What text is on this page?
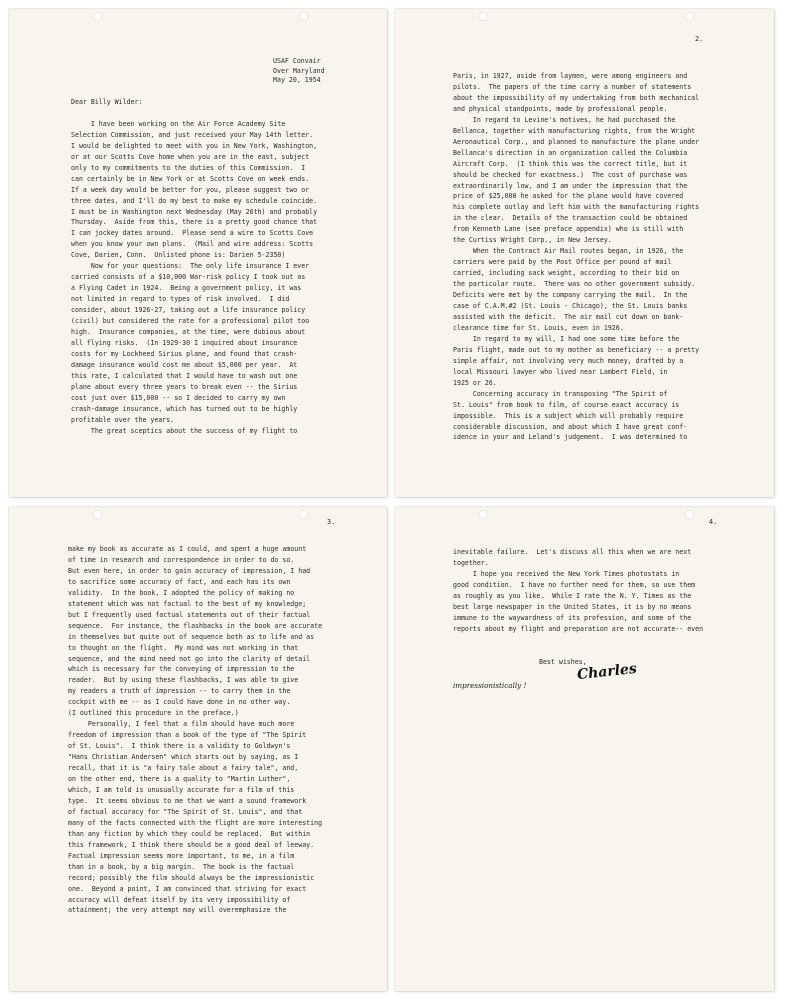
USAF Convair
Over Maryland
May 20, 1954
Dear Billy Wilder:

I have been working on the Air Force Academy Site
Selection Commission, and just received your May 14th letter.
I would be delighted to meet with you in New York, Washington,
or at our Scotts Cove home when you are in the east, subject
only to my commitments to the duties of this Commission.  I
can certainly be in New York or at Scotts Cove on week ends.
If a week day would be better for you, please suggest two or
three dates, and I'll do my best to make my schedule coincide.
I must be in Washington next Wednesday (May 26th) and probably
Thursday.  Aside from this, there is a pretty good chance that
I can jockey dates around.  Please send a wire to Scotts Cove
when you know your own plans.  (Mail and wire address: Scotts
Cove, Darien, Conn.  Unlisted phone is: Darien 5-2350)
Now for your questions:  The only life insurance I ever
carried consists of a $10,000 War-risk policy I took out as
a Flying Cadet in 1924.  Being a government policy, it was
not limited in regard to types of risk involved.  I did
consider, about 1926-27, taking out a life insurance policy
(civil) but considered the rate for a professional pilot too
high.  Insurance companies, at the time, were dubious about
all flying risks.  (In 1929-30 I inquired about insurance
costs for my Lockheed Sirius plane, and found that crash-
damage insurance would cost me about $5,000 per year.  At
this rate, I calculated that I would have to wash out one
plane about every three years to break even -- the Sirius
cost just over $15,000 -- so I decided to carry my own
crash-damage insurance, which has turned out to be highly
profitable over the years.
The great sceptics about the success of my flight to
2.
Paris, in 1927, aside from laymen, were among engineers and
pilots.  The papers of the time carry a number of statements
about the impossibility of my undertaking from both mechanical
and physical standpoints, made by professional people.
In regard to Levine's motives, he had purchased the
Bellanca, together with manufacturing rights, from the Wright
Aeronautical Corp., and planned to manufacture the plane under
Bellanca's direction in an organization called the Columbia
Aircraft Corp.  (I think this was the correct title, but it
should be checked for exactness.)  The cost of purchase was
extraordinarily low, and I am under the impression that the
price of $25,000 he asked for the plane would have covered
his complete outlay and left him with the manufacturing rights
in the clear.  Details of the transaction could be obtained
from Kenneth Lane (see preface appendix) who is still with
the Curtiss Wright Corp., in New Jersey.
When the Contract Air Mail routes began, in 1926, the
carriers were paid by the Post Office per pound of mail
carried, including sack weight, according to their bid on
the particular route.  There was no other government subsidy.
Deficits were met by the company carrying the mail.  In the
case of C.A.M.#2 (St. Louis - Chicago), the St. Louis banks
assisted with the deficit.  The air mail cut down on bank-
clearance time for St. Louis, even in 1926.
In regard to my will, I had one some time before the
Paris flight, made out to my mother as beneficiary -- a pretty
simple affair, not involving very much money, drafted by a
local Missouri lawyer who lived near Lambert Field, in
1925 or 26.
Concerning accuracy in transposing "The Spirit of
St. Louis" from book to film, of course exact accuracy is
impossible.  This is a subject which will probably require
considerable discussion, and about which I have great conf-
idence in your and Leland's judgement.  I was determined to
3.
make my book as accurate as I could, and spent a huge amount
of time in research and correspondence in order to do so.
But even here, in order to gain accuracy of impression, I had
to sacrifice some accuracy of fact, and each has its own
validity.  In the book, I adopted the policy of making no
statement which was not factual to the best of my knowledge;
but I frequently used factual statements out of their factual
sequence.  For instance, the flashbacks in the book are accurate
in themselves but quite out of sequence both as to life and as
to thought on the flight.  My mind was not working in that
sequence, and the mind need not go into the clarity of detail
which is necessary for the conveying of impression to the
reader.  But by using these flashbacks, I was able to give
my readers a truth of impression -- to carry them in the
cockpit with me -- as I could have done in no other way.
(I outlined this procedure in the preface.)
Personally, I feel that a film should have much more
freedom of impression than a book of the type of "The Spirit
of St. Louis".  I think there is a validity to Goldwyn's
"Hans Christian Andersen" which starts out by saying, as I
recall, that it is "a fairy tale about a fairy tale", and,
on the other end, there is a quality to "Martin Luther",
which, I am told is unusually accurate for a film of this
type.  It seems obvious to me that we want a sound framework
of factual accuracy for "The Spirit of St. Louis", and that
many of the facts connected with the flight are more interesting
than any fiction by which they could be replaced.  But within
this framework, I think there should be a good deal of leeway.
Factual impression seems more important, to me, in a film
than in a book, by a big margin.  The book is the factual
record; possibly the film should always be the impressionistic
one.  Beyond a point, I am convinced that striving for exact
accuracy will defeat itself by its very impossibility of
attainment; the very attempt may will overemphasize the
4.
inevitable failure.  Let's discuss all this when we are next
together.
I hope you received the New York Times photostats in
good condition.  I have no further need for them, so use them
as roughly as you like.  While I rate the N. Y. Times as the
best large newspaper in the United States, it is by no means
immune to the waywardness of its profession, and some of the
reports about my flight and preparation are not accurate-- even
impressionistically !
Best wishes,
Charles
